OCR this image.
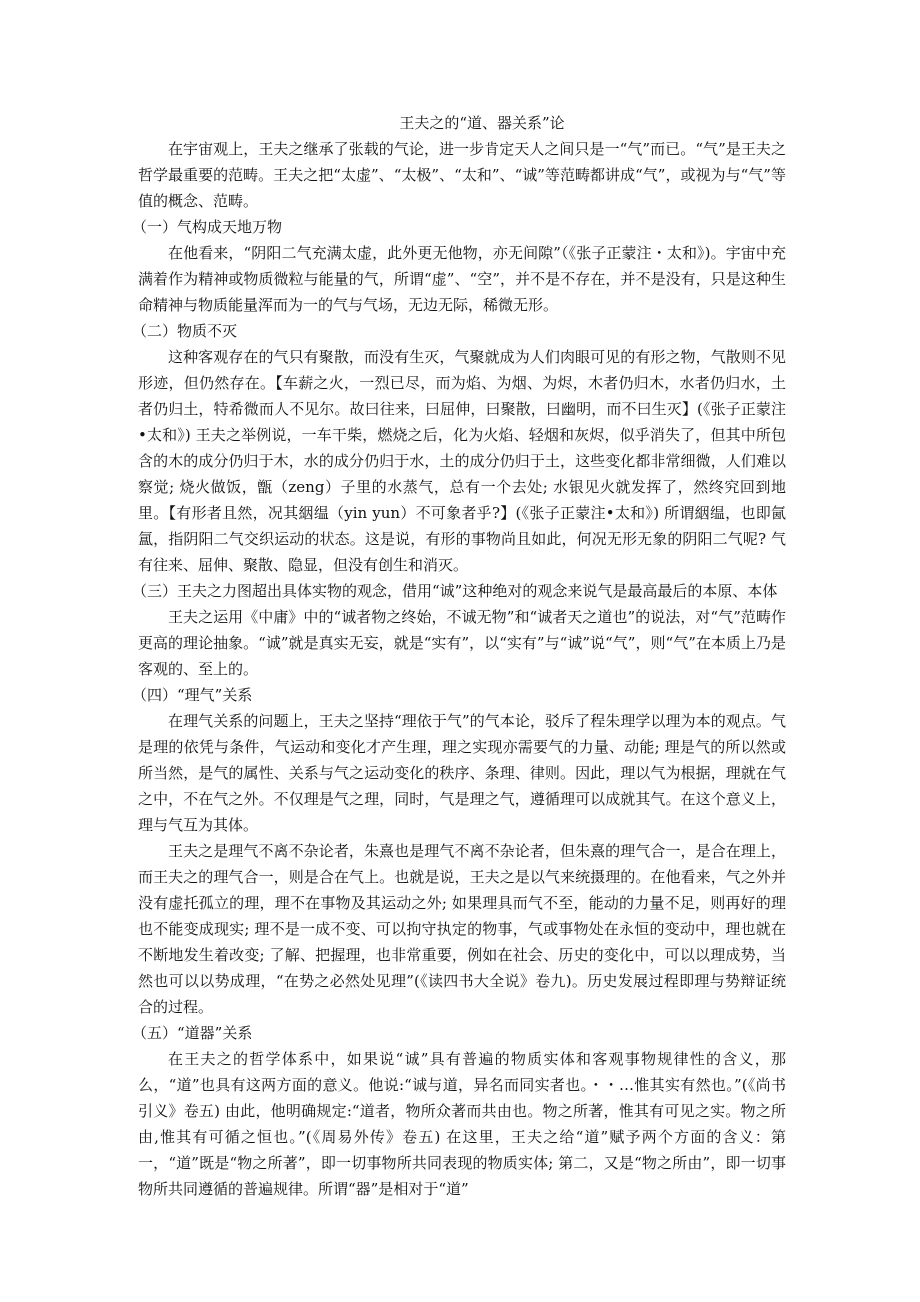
王夫之的“道、器关系”论

在宇宙观上，王夫之继承了张载的气论，进一步肯定天人之间只是一“气”而已。“气”是王夫之哲学最重要的范畴。王夫之把“太虚”、“太极”、“太和”、“诚”等范畴都讲成“气”，或视为与“气”等值的概念、范畴。

（一）气构成天地万物

在他看来，“阴阳二气充满太虚，此外更无他物，亦无间隙”（《张子正蒙注・太和》)。宇宙中充满着作为精神或物质微粒与能量的气，所谓“虚”、“空”，并不是不存在，并不是没有，只是这种生命精神与物质能量浑而为一的气与气场，无边无际，稀微无形。

（二）物质不灭

这种客观存在的气只有聚散，而没有生灭，气聚就成为人们肉眼可见的有形之物，气散则不见形迹，但仍然存在。【车薪之火，一烈已尽，而为焰、为烟、为烬，木者仍归木，水者仍归水，土者仍归土，特希微而人不见尔。故曰往来，曰屈伸，曰聚散，曰幽明，而不曰生灭】(《张子正蒙注•太和》) 王夫之举例说，一车干柴，燃烧之后，化为火焰、轻烟和灰烬，似乎消失了，但其中所包含的木的成分仍归于木，水的成分仍归于水，土的成分仍归于土，这些变化都非常细微，人们难以察觉; 烧火做饭，甑（zeng）子里的水蒸气，总有一个去处; 水银见火就发挥了，然终究回到地里。【有形者且然，况其絪缊（yin yun）不可象者乎?】(《张子正蒙注•太和》) 所谓絪缊，也即氤氲，指阴阳二气交织运动的状态。这是说，有形的事物尚且如此，何况无形无象的阴阳二气呢? 气有往来、屈伸、聚散、隐显，但没有创生和消灭。

（三）王夫之力图超出具体实物的观念，借用“诚”这种绝对的观念来说气是最高最后的本原、本体

王夫之运用《中庸》中的“诚者物之终始，不诚无物”和“诚者天之道也”的说法，对“气”范畴作更高的理论抽象。“诚”就是真实无妄，就是“实有”，以“实有”与“诚”说“气”，则“气”在本质上乃是客观的、至上的。

（四）“理气”关系

在理气关系的问题上，王夫之坚持“理依于气”的气本论，驳斥了程朱理学以理为本的观点。气是理的依凭与条件，气运动和变化才产生理，理之实现亦需要气的力量、动能; 理是气的所以然或所当然，是气的属性、关系与气之运动变化的秩序、条理、律则。因此，理以气为根据，理就在气之中，不在气之外。不仅理是气之理，同时，气是理之气，遵循理可以成就其气。在这个意义上，理与气互为其体。

王夫之是理气不离不杂论者，朱熹也是理气不离不杂论者，但朱熹的理气合一，是合在理上，而王夫之的理气合一，则是合在气上。也就是说，王夫之是以气来统摄理的。在他看来，气之外并没有虚托孤立的理，理不在事物及其运动之外; 如果理具而气不至，能动的力量不足，则再好的理也不能变成现实; 理不是一成不变、可以拘守执定的物事，气或事物处在永恒的变动中，理也就在不断地发生着改变; 了解、把握理，也非常重要，例如在社会、历史的变化中，可以以理成势，当然也可以以势成理，“在势之必然处见理”(《读四书大全说》卷九)。历史发展过程即理与势辩证统合的过程。

（五）“道器”关系

在王夫之的哲学体系中，如果说“诚”具有普遍的物质实体和客观事物规律性的含义，那么，“道”也具有这两方面的意义。他说:“诚与道，异名而同实者也。・・…惟其实有然也。”(《尚书引义》卷五) 由此，他明确规定:“道者，物所众著而共由也。物之所著，惟其有可见之实。物之所由,惟其有可循之恒也。”(《周易外传》卷五) 在这里，王夫之给“道”赋予两个方面的含义：第一，“道”既是“物之所著”，即一切事物所共同表现的物质实体; 第二，又是“物之所由”，即一切事物所共同遵循的普遍规律。所谓“器”是相对于“道”
